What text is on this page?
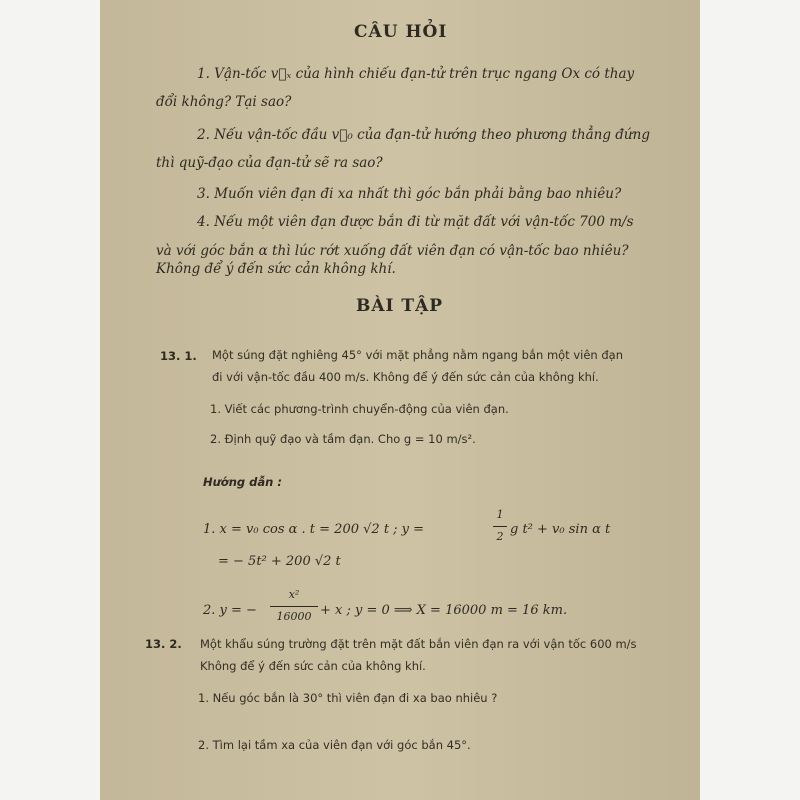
CÂU HỎI
1. Vận-tốc v⃗ₓ của hình chiếu đạn-tử trên trục ngang Ox có thay
đổi không? Tại sao?
2. Nếu vận-tốc đầu v⃗₀ của đạn-tử hướng theo phương thẳng đứng
thì quỹ-đạo của đạn-tử sẽ ra sao?
3. Muốn viên đạn đi xa nhất thì góc bắn phải bằng bao nhiêu?
4. Nếu một viên đạn được bắn đi từ mặt đất với vận-tốc 700 m/s
và với góc bắn α thì lúc rớt xuống đất viên đạn có vận-tốc bao nhiêu?
Không để ý đến sức cản không khí.
BÀI TẬP
13. 1. Một súng đặt nghiêng 45° với mặt phẳng nằm ngang bắn một viên đạn
đi với vận-tốc đầu 400 m/s. Không để ý đến sức cản của không khí.
1. Viết các phương-trình chuyển-động của viên đạn.
2. Định quỹ đạo và tầm đạn. Cho g = 10 m/s².
Hướng dẫn :
1. x = v₀ cos α . t = 200 √2 t ; y =
1
2 g t² + v₀ sin α t
= − 5t² + 200 √2 t
2. y = −
x²
16000 + x ; y = 0 ⟹ X = 16000 m = 16 km.
13. 2. Một khẩu súng trường đặt trên mặt đất bắn viên đạn ra với vận tốc 600 m/s
Không để ý đến sức cản của không khí.
1. Nếu góc bắn là 30° thì viên đạn đi xa bao nhiêu ?
2. Tìm lại tầm xa của viên đạn với góc bắn 45°.
